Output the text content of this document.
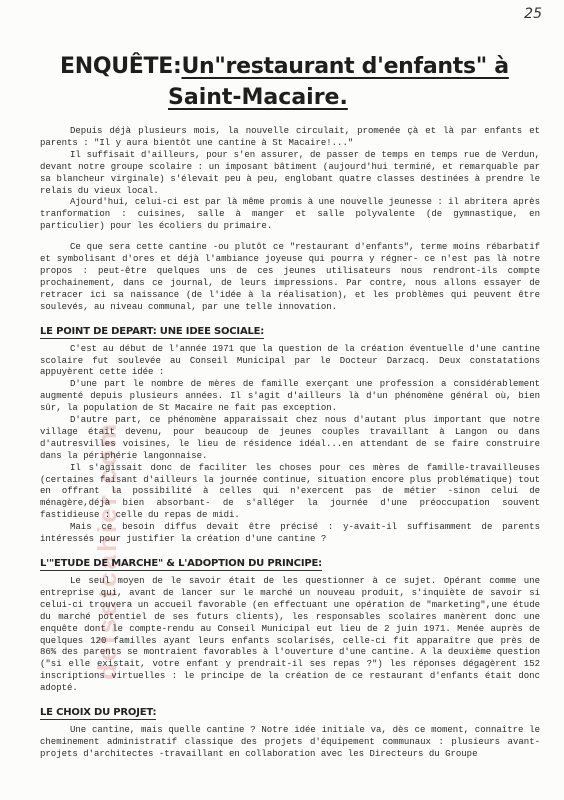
25
delsetcahier.com
ENQUÊTE:Un"restaurant d'enfants" à
Saint-Macaire.

Depuis déjà plusieurs mois, la nouvelle circulait, promenée çà et là par enfants et parents : "Il y aura bientôt une cantine à St Macaire!..."

Il suffisait d'ailleurs, pour s'en assurer, de passer de temps en temps rue de Verdun, devant notre groupe scolaire : un imposant bâtiment (aujourd'hui terminé, et remarquable par sa blancheur virginale) s'élevait peu à peu, englobant quatre classes destinées à prendre le relais du vieux local.

Ajourd'hui, celui-ci est par là même promis à une nouvelle jeunesse : il abritera après tranformation : cuisines, salle à manger et salle polyvalente (de gymnastique, en particulier) pour les écoliers du primaire.

Ce que sera cette cantine -ou plutôt ce "restaurant d'enfants", terme moins rébarbatif et symbolisant d'ores et déjà l'ambiance joyeuse qui pourra y régner- ce n'est pas là notre propos : peut-être quelques uns de ces jeunes utilisateurs nous rendront-ils compte prochainement, dans ce journal, de leurs impressions. Par contre, nous allons essayer de retracer ici sa naissance (de l'idée à la réalisation), et les problèmes qui peuvent être soulevés, au niveau communal, par une telle innovation.

LE POINT DE DEPART: UNE IDEE SOCIALE:

C'est au début de l'année 1971 que la question de la création éventuelle d'une cantine scolaire fut soulevée au Conseil Municipal par le Docteur Darzacq. Deux constatations appuyèrent cette idée :

D'une part le nombre de mères de famille exerçant une profession a considérablement augmenté depuis plusieurs années. Il s'agit d'ailleurs là d'un phénomène général où, bien sûr, la population de St Macaire ne fait pas exception.

D'autre part, ce phénomène apparaissait chez nous d'autant plus important que notre village était devenu, pour beaucoup de jeunes couples travaillant à Langon ou dans d'autresvilles voisines, le lieu de résidence idéal...en attendant de se faire construire dans la périphérie langonnaise.

Il s'agissait donc de faciliter les choses pour ces mères de famille-travailleuses (certaines faisant d'ailleurs la journée continue, situation encore plus problématique) tout en offrant la possibilité à celles qui n'exercent pas de métier -sinon celui de ménagère,déjà bien absorbant- de s'alléger la journée d'une préoccupation souvent fastidieuse : celle du repas de midi.

Mais ce besoin diffus devait être précisé : y-avait-il suffisamment de parents intéressés pour justifier la création d'une cantine ?

L'"ETUDE DE MARCHE" & L'ADOPTION DU PRINCIPE:

Le seul moyen de le savoir était de les questionner à ce sujet. Opérant comme une entreprise qui, avant de lancer sur le marché un nouveau produit, s'inquiète de savoir si celui-ci trouvera un accueil favorable (en effectuant une opération de "marketing",une étude du marché potentiel de ses futurs clients), les responsables scolaires manèrent donc une enquête dont le compte-rendu au Conseil Municipal eut lieu de 2 juin 1971. Menée auprès de quelques 120 familles ayant leurs enfants scolarisés, celle-ci fit apparaître que près de 86% des parents se montraient favorables à l'ouverture d'une cantine. A la deuxième question ("si elle existait, votre enfant y prendrait-il ses repas ?") les réponses dégagèrent 152 inscriptions virtuelles : le principe de la création de ce restaurant d'enfants était donc adopté.

LE CHOIX DU PROJET:

Une cantine, mais quelle cantine ? Notre idée initiale va, dès ce moment, connaître le cheminement administratif classique des projets d'équipement communaux : plusieurs avant-projets d'architectes -travaillant en collaboration avec les Directeurs du Groupe
